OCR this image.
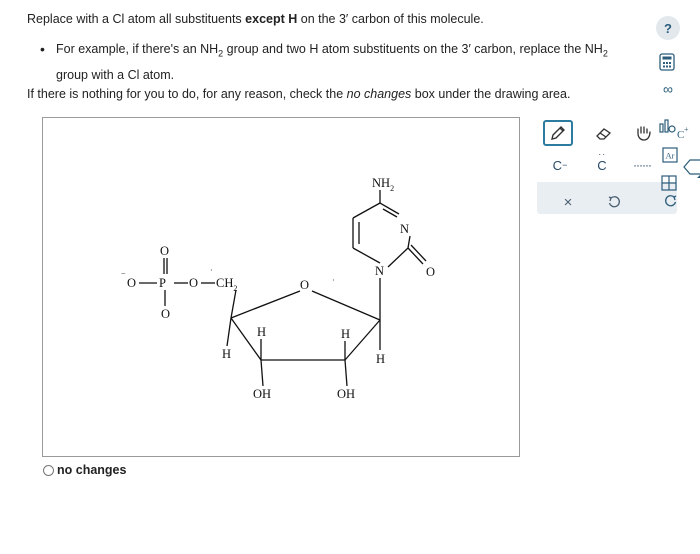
Replace with a Cl atom all substituents except H on the 3′ carbon of this molecule.
• For example, if there's an $NH_2$ group and two H atom substituents on the 3′ carbon, replace the $NH_2$
group with a Cl atom.
If there is nothing for you to do, for any reason, check the no changes box under the drawing area.
O
O P O
O
$CH_2$	O
H
H	H
H
OH	OH
$NH_2$
N
N	O
−	·
·
no changes
C −
··
C	······
×
?
∞
C +
Ar
